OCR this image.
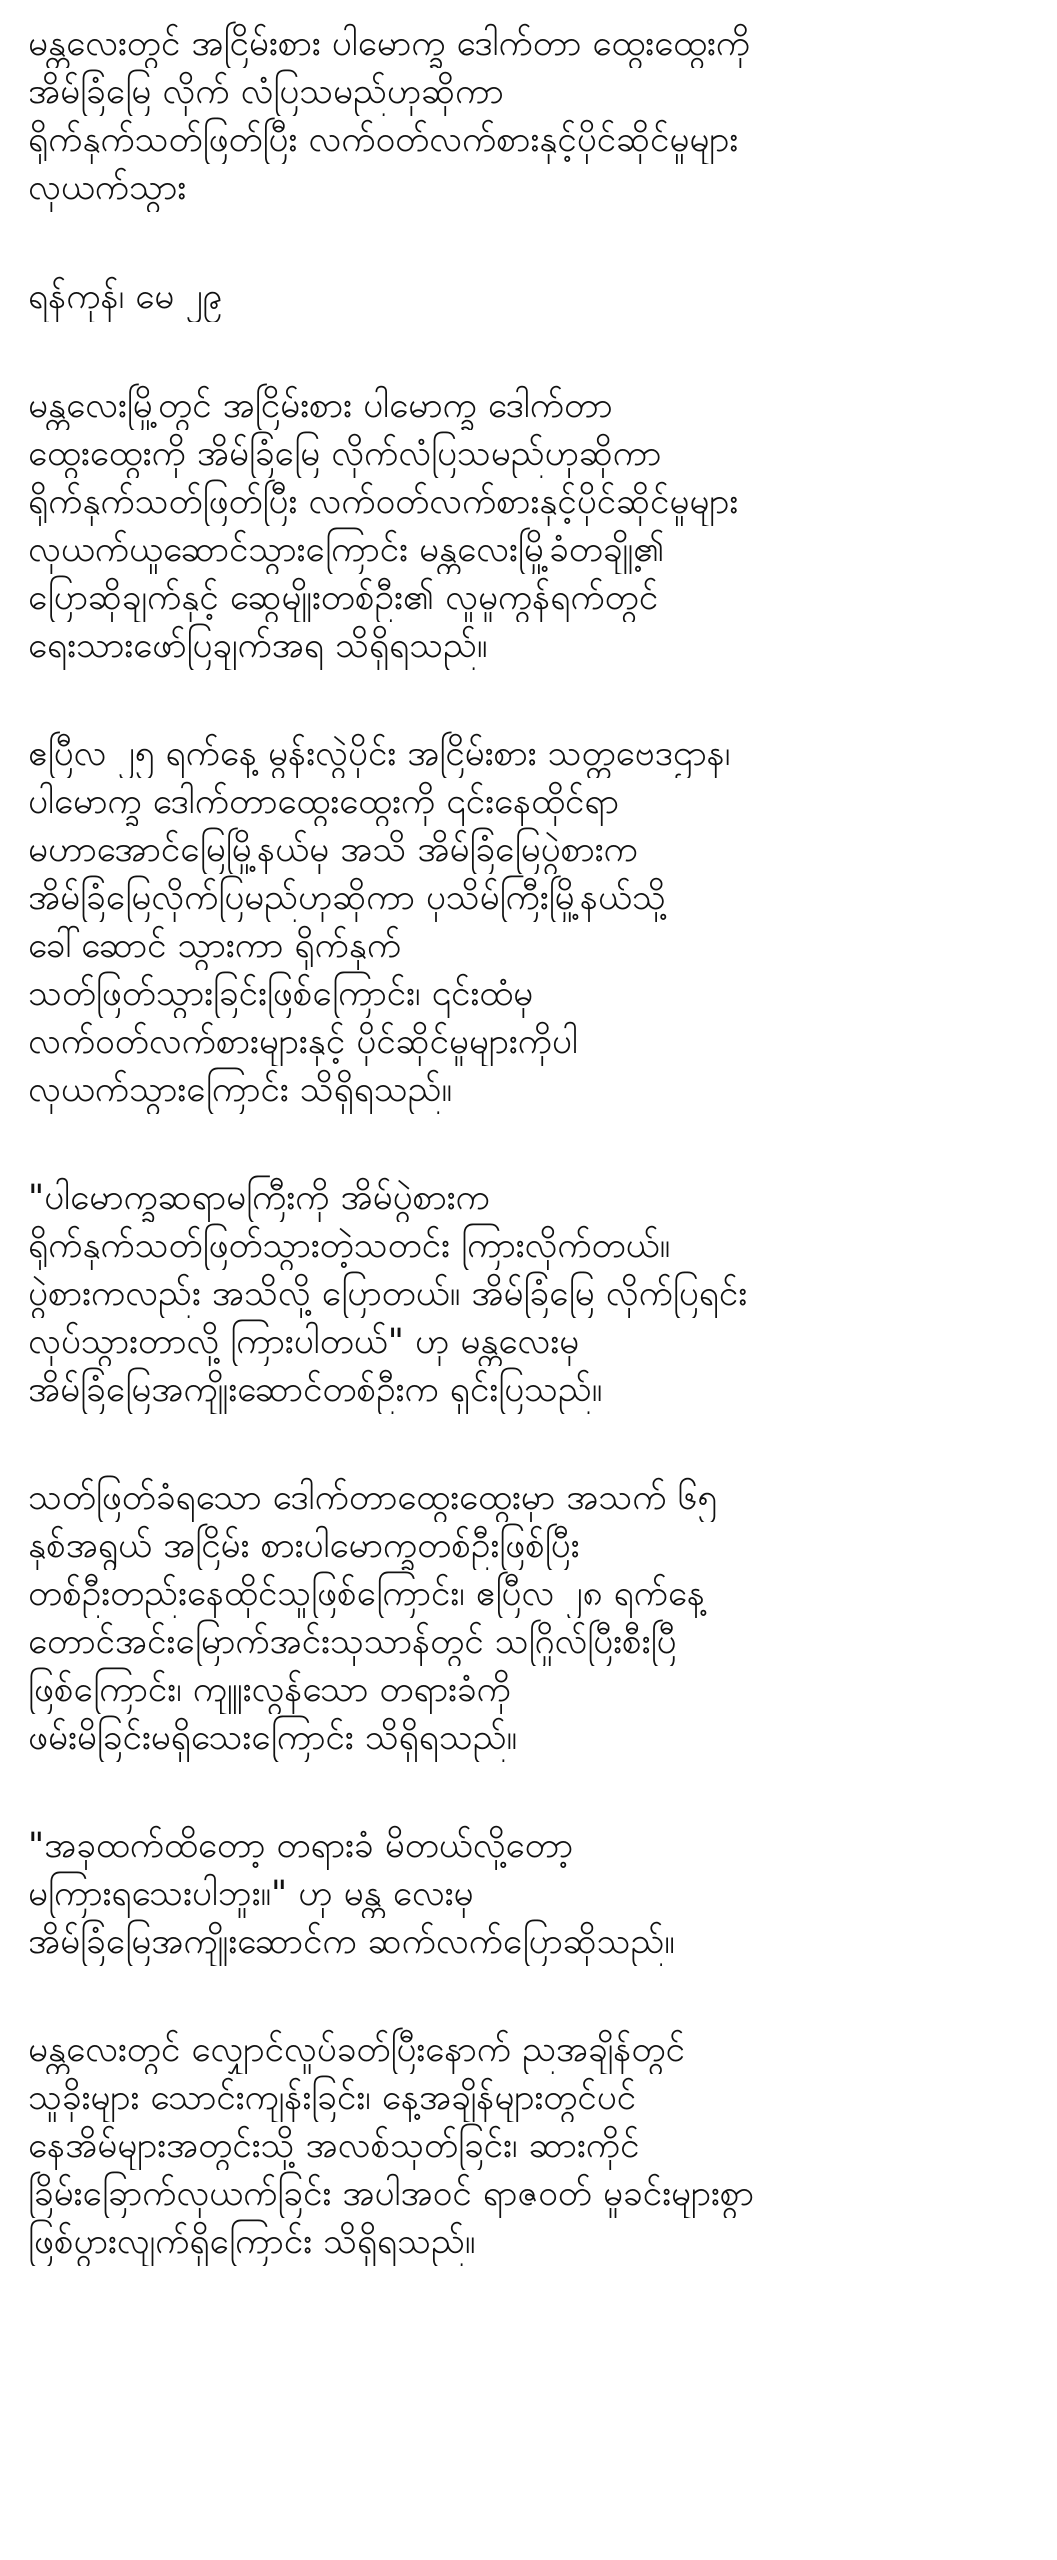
မန္တလေးတွင် အငြိမ်းစား ပါမောက္ခ ဒေါက်တာ ထွေးထွေးကို
အိမ်ခြံမြေ လိုက် လံပြသမည်ဟုဆိုကာ
ရိုက်နှက်သတ်ဖြတ်ပြီး လက်ဝတ်လက်စားနှင့်ပိုင်ဆိုင်မှုများ
လုယက်သွား
ရန်ကုန်၊ မေ ၂၉
မန္တလေးမြို့တွင် အငြိမ်းစား ပါမောက္ခ ဒေါက်တာ
ထွေးထွေးကို အိမ်ခြံမြေ လိုက်လံပြသမည်ဟုဆိုကာ
ရိုက်နှက်သတ်ဖြတ်ပြီး လက်ဝတ်လက်စားနှင့်ပိုင်ဆိုင်မှုများ
လုယက်ယူဆောင်သွားကြောင်း မန္တလေးမြို့ခံတချို့၏
ပြောဆိုချက်နှင့် ဆွေမျိုးတစ်ဦး၏ လူမှုကွန်ရက်တွင်
ရေးသားဖော်ပြချက်အရ သိရှိရသည်။
ဧပြီလ ၂၅ ရက်နေ့ မွန်းလွဲပိုင်း အငြိမ်းစား သတ္တဗေဒဌာန၊
ပါမောက္ခ ဒေါက်တာထွေးထွေးကို ၎င်းနေထိုင်ရာ
မဟာအောင်မြေမြို့နယ်မှ အသိ အိမ်ခြံမြေပွဲစားက
အိမ်ခြံမြေလိုက်ပြမည်ဟုဆိုကာ ပုသိမ်ကြီးမြို့နယ်သို့
ခေါ်ဆောင် သွားကာ ရိုက်နှက်
သတ်ဖြတ်သွားခြင်းဖြစ်ကြောင်း၊ ၎င်းထံမှ
လက်ဝတ်လက်စားများနှင့် ပိုင်ဆိုင်မှုများကိုပါ
လုယက်သွားကြောင်း သိရှိရသည်။
"ပါမောက္ခဆရာမကြီးကို အိမ်ပွဲစားက
ရိုက်နှက်သတ်ဖြတ်သွားတဲ့သတင်း ကြားလိုက်တယ်။
ပွဲစားကလည်း အသိလို့ ပြောတယ်။ အိမ်ခြံမြေ လိုက်ပြရင်း
လုပ်သွားတာလို့ ကြားပါတယ်" ဟု မန္တလေးမှ
အိမ်ခြံမြေအကျိုးဆောင်တစ်ဦးက ရှင်းပြသည်။
သတ်ဖြတ်ခံရသော ဒေါက်တာထွေးထွေးမှာ အသက် ၆၅
နှစ်အရွယ် အငြိမ်း စားပါမောက္ခတစ်ဦးဖြစ်ပြီး
တစ်ဦးတည်းနေထိုင်သူဖြစ်ကြောင်း၊ ဧပြီလ ၂၈ ရက်နေ့
တောင်အင်းမြောက်အင်းသုသာန်တွင် သဂြိုလ်ပြီးစီးပြီ
ဖြစ်ကြောင်း၊ ကျူးလွန်သော တရားခံကို
ဖမ်းမိခြင်းမရှိသေးကြောင်း သိရှိရသည်။
"အခုထက်ထိတော့ တရားခံ မိတယ်လို့တော့
မကြားရသေးပါဘူး။" ဟု မန္တ လေးမှ
အိမ်ခြံမြေအကျိုးဆောင်က ဆက်လက်ပြောဆိုသည်။
မန္တလေးတွင် လျှောင်လှုပ်ခတ်ပြီးနောက် ညအချိန်တွင်
သူခိုးများ သောင်းကျန်းခြင်း၊ နေ့အချိန်များတွင်ပင်
နေအိမ်များအတွင်းသို့ အလစ်သုတ်ခြင်း၊ ဆားကိုင်
ခြိမ်းခြောက်လုယက်ခြင်း အပါအဝင် ရာဇဝတ် မှုခင်းများစွာ
ဖြစ်ပွားလျက်ရှိကြောင်း သိရှိရသည်။
